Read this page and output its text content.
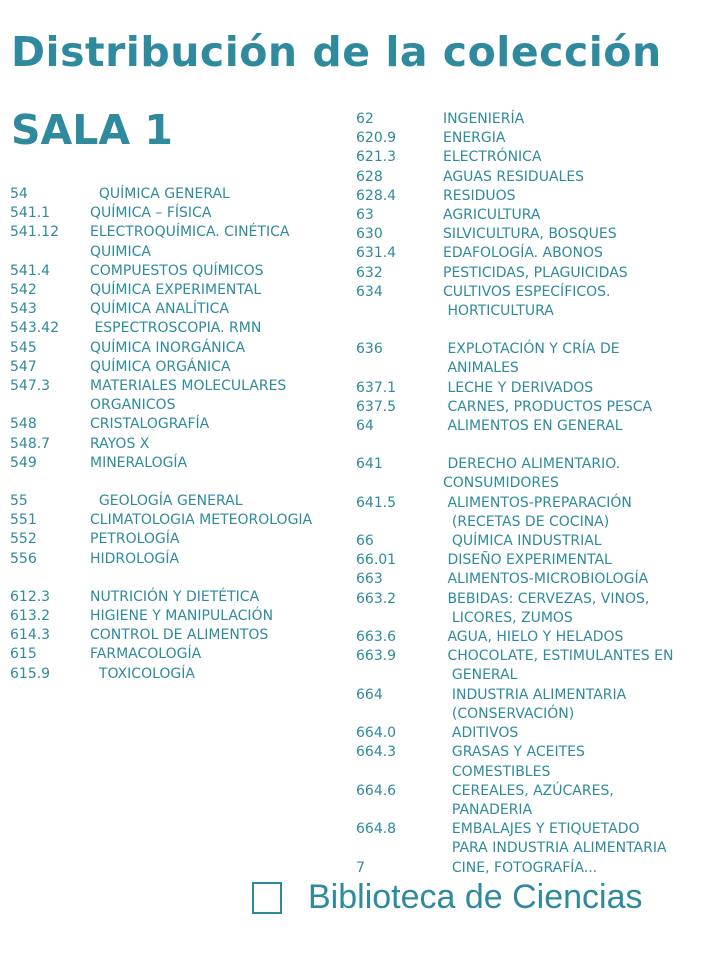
Distribución de la colección
SALA 1
54	QUÍMICA GENERAL
541.1	QUÍMICA – FÍSICA
541.12	ELECTROQUÍMICA. CINÉTICA
QUIMICA
541.4	COMPUESTOS QUÍMICOS
542	QUÍMICA EXPERIMENTAL
543	QUÍMICA ANALÍTICA
543.42	ESPECTROSCOPIA. RMN
545	QUÍMICA INORGÁNICA
547	QUÍMICA ORGÁNICA
547.3	MATERIALES MOLECULARES
ORGANICOS
548	CRISTALOGRAFÍA
548.7	RAYOS X
549	MINERALOGÍA
55	GEOLOGÍA GENERAL
551	CLIMATOLOGIA METEOROLOGIA
552	PETROLOGÍA
556	HIDROLOGÍA
612.3	NUTRICIÓN Y DIETÉTICA
613.2	HIGIENE Y MANIPULACIÓN
614.3	CONTROL DE ALIMENTOS
615	FARMACOLOGÍA
615.9	TOXICOLOGÍA
62	INGENIERÍA
620.9	ENERGIA
621.3	ELECTRÓNICA
628	AGUAS RESIDUALES
628.4	RESIDUOS
63	AGRICULTURA
630	SILVICULTURA, BOSQUES
631.4	EDAFOLOGÍA. ABONOS
632	PESTICIDAS, PLAGUICIDAS
634	CULTIVOS ESPECÍFICOS.
HORTICULTURA
636	EXPLOTACIÓN Y CRÍA DE
ANIMALES
637.1	LECHE Y DERIVADOS
637.5	CARNES, PRODUCTOS PESCA
64	ALIMENTOS EN GENERAL
641	DERECHO ALIMENTARIO.
CONSUMIDORES
641.5	ALIMENTOS-PREPARACIÓN
(RECETAS DE COCINA)
66	QUÍMICA INDUSTRIAL
66.01	DISEÑO EXPERIMENTAL
663	ALIMENTOS-MICROBIOLOGÍA
663.2	BEBIDAS: CERVEZAS, VINOS,
LICORES, ZUMOS
663.6	AGUA, HIELO Y HELADOS
663.9	CHOCOLATE, ESTIMULANTES EN
GENERAL
664	INDUSTRIA ALIMENTARIA
(CONSERVACIÓN)
664.0	ADITIVOS
664.3	GRASAS Y ACEITES
COMESTIBLES
664.6	CEREALES, AZÚCARES,
PANADERIA
664.8	EMBALAJES Y ETIQUETADO
PARA INDUSTRIA ALIMENTARIA
7	CINE, FOTOGRAFÍA...
Biblioteca de Ciencias
